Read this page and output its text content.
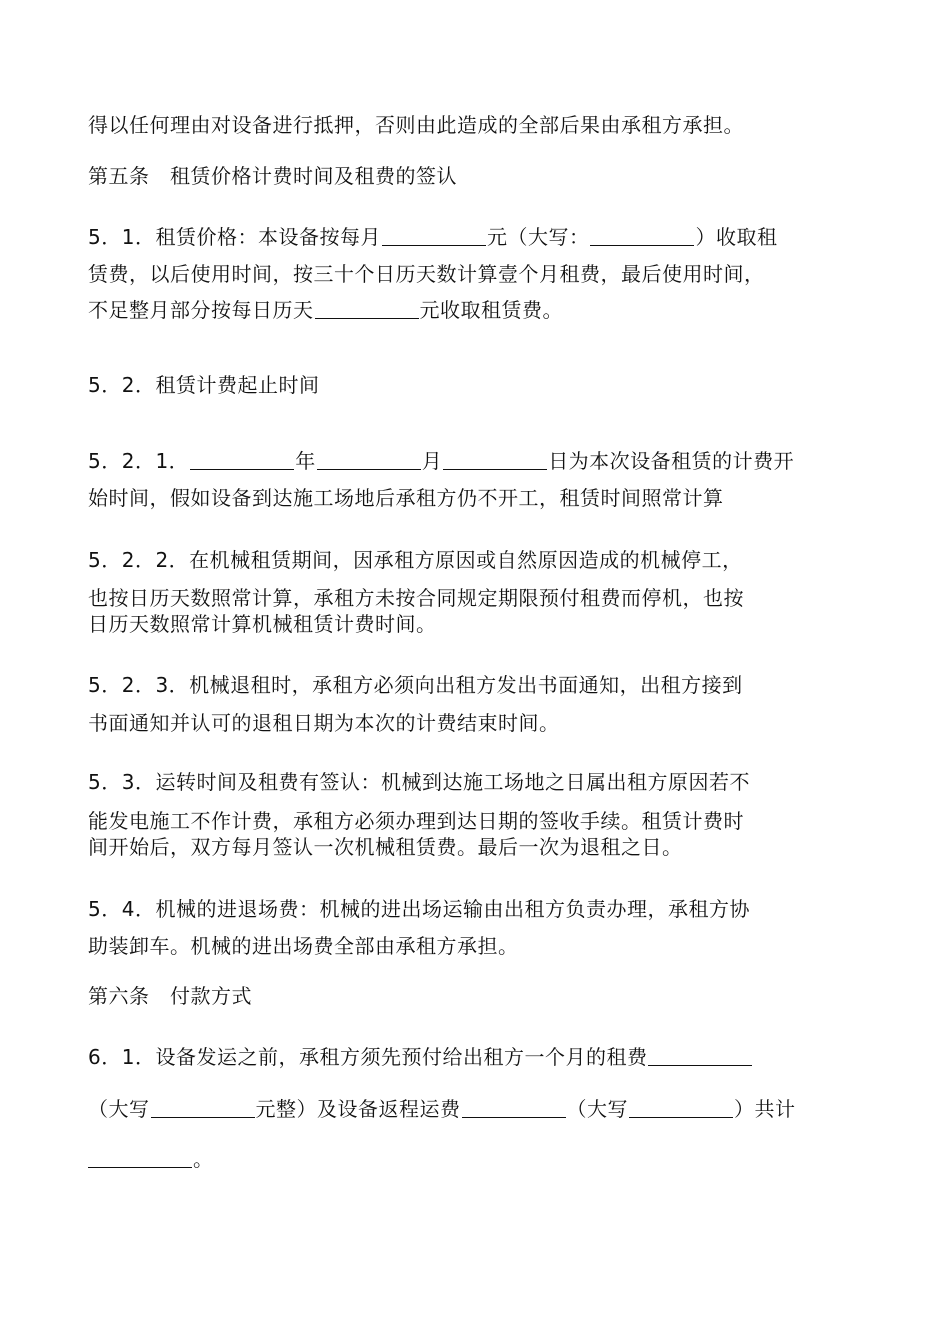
得以任何理由对设备进行抵押，否则由此造成的全部后果由承租方承担。

第五条　租赁价格计费时间及租费的签认

5．1．租赁价格：本设备按每月	元（大写：	）收取租

赁费，以后使用时间，按三十个日历天数计算壹个月租费，最后使用时间，

不足整月部分按每日历天	元收取租赁费。

5．2．租赁计费起止时间

5．2．1．	年	月	日为本次设备租赁的计费开

始时间，假如设备到达施工场地后承租方仍不开工，租赁时间照常计算

5．2．2．在机械租赁期间，因承租方原因或自然原因造成的机械停工，

也按日历天数照常计算，承租方未按合同规定期限预付租费而停机，也按

日历天数照常计算机械租赁计费时间。

5．2．3．机械退租时，承租方必须向出租方发出书面通知，出租方接到

书面通知并认可的退租日期为本次的计费结束时间。

5．3．运转时间及租费有签认：机械到达施工场地之日属出租方原因若不

能发电施工不作计费，承租方必须办理到达日期的签收手续。租赁计费时

间开始后，双方每月签认一次机械租赁费。最后一次为退租之日。

5．4．机械的进退场费：机械的进出场运输由出租方负责办理，承租方协

助装卸车。机械的进出场费全部由承租方承担。

第六条　付款方式

6．1．设备发运之前，承租方须先预付给出租方一个月的租费

（大写	元整）及设备返程运费	（大写	）共计

。
